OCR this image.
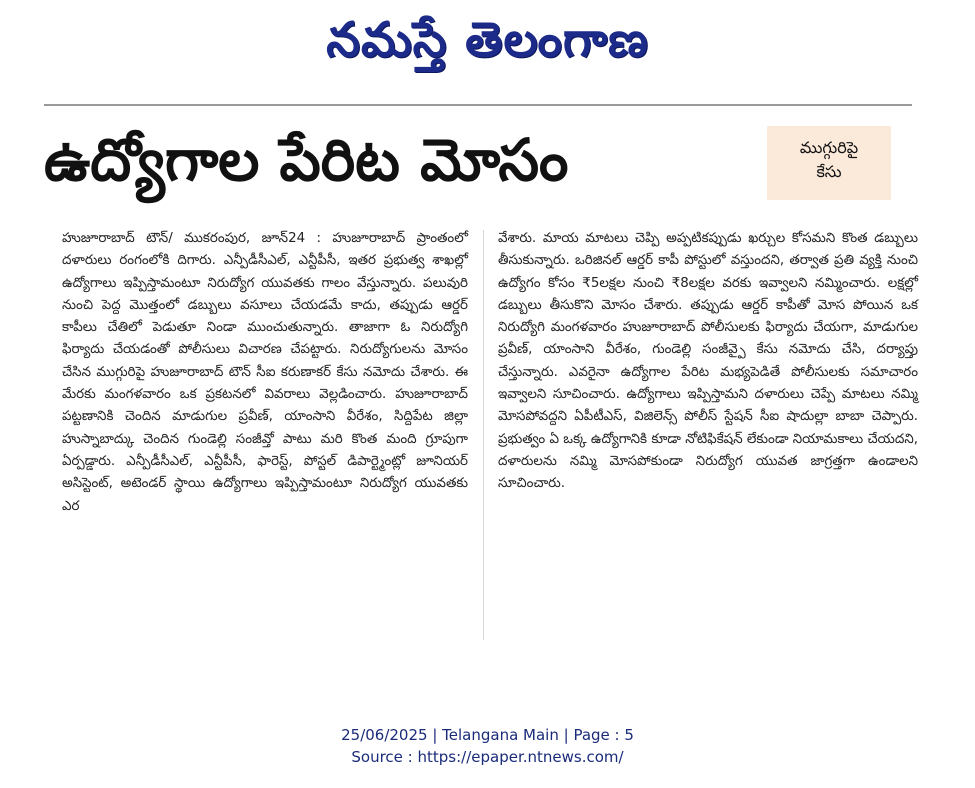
నమస్తే తెలంగాణ
ఉద్యోగాల పేరిట మోసం	ముగ్గురిపై
కేసు
హుజూరాబాద్ టౌన్/ ముకరంపుర, జూన్24 : హుజూరాబాద్ ప్రాంతంలో దళారులు రంగంలోకి దిగారు. ఎన్పీడీసీఎల్, ఎన్టీపీసీ, ఇతర ప్రభుత్వ శాఖల్లో ఉద్యోగాలు ఇప్పిస్తామంటూ నిరుద్యోగ యువతకు గాలం వేస్తున్నారు. పలువురి నుంచి పెద్ద మొత్తంలో డబ్బులు వసూలు చేయడమే కాదు, తప్పుడు ఆర్డర్ కాపీలు చేతిలో పెడుతూ నిండా ముంచుతున్నారు. తాజాగా ఓ నిరుద్యోగి ఫిర్యాదు చేయడంతో పోలీసులు విచారణ చేపట్టారు. నిరుద్యోగులను మోసం చేసిన ముగ్గురిపై హుజూరాబాద్ టౌన్ సీఐ కరుణాకర్ కేసు నమోదు చేశారు. ఈ మేరకు మంగళవారం ఒక ప్రకటనలో వివరాలు వెల్లడించారు. హుజూరాబాద్ పట్టణానికి చెందిన మాడుగుల ప్రవీణ్, యాంసాని వీరేశం, సిద్దిపేట జిల్లా హుస్నాబాద్కు చెందిన గుండెల్లి సంజీవ్తో పాటు మరి కొంత మంది గ్రూపుగా ఏర్పడ్డారు. ఎన్పీడీసీఎల్, ఎన్టీపీసీ, ఫారెస్ట్, పోస్టల్ డిపార్ట్మెంట్లో జూనియర్ అసిస్టెంట్, అటెండర్ స్థాయి ఉద్యోగాలు ఇప్పిస్తామంటూ నిరుద్యోగ యువతకు ఎర
వేశారు. మాయ మాటలు చెప్పి అప్పటికప్పుడు ఖర్చుల కోసమని కొంత డబ్బులు తీసుకున్నారు. ఒరిజినల్ ఆర్డర్ కాపీ పోస్టులో వస్తుందని, తర్వాత ప్రతి వ్యక్తి నుంచి ఉద్యోగం కోసం ₹5లక్షల నుంచి ₹8లక్షల వరకు ఇవ్వాలని నమ్మించారు. లక్షల్లో డబ్బులు తీసుకొని మోసం చేశారు. తప్పుడు ఆర్డర్ కాపీతో మోస పోయిన ఒక నిరుద్యోగి మంగళవారం హుజూరాబాద్ పోలీసులకు ఫిర్యాదు చేయగా, మాడుగుల ప్రవీణ్, యాంసాని వీరేశం, గుండెల్లి సంజీవ్పై కేసు నమోదు చేసి, దర్యాప్తు చేస్తున్నారు. ఎవరైనా ఉద్యోగాల పేరిట మభ్యపెడితే పోలీసులకు సమాచారం ఇవ్వాలని సూచించారు. ఉద్యోగాలు ఇప్పిస్తామని దళారులు చెప్పే మాటలు నమ్మి మోసపోవద్దని ఏపీటీఎస్, విజిలెన్స్ పోలీస్ స్టేషన్ సీఐ షాదుల్లా బాబా చెప్పారు. ప్రభుత్వం ఏ ఒక్క ఉద్యోగానికి కూడా నోటిఫికేషన్ లేకుండా నియామకాలు చేయదని, దళారులను నమ్మి మోసపోకుండా నిరుద్యోగ యువత జాగ్రత్తగా ఉండాలని సూచించారు.
25/06/2025 | Telangana Main | Page : 5
Source : https://epaper.ntnews.com/
